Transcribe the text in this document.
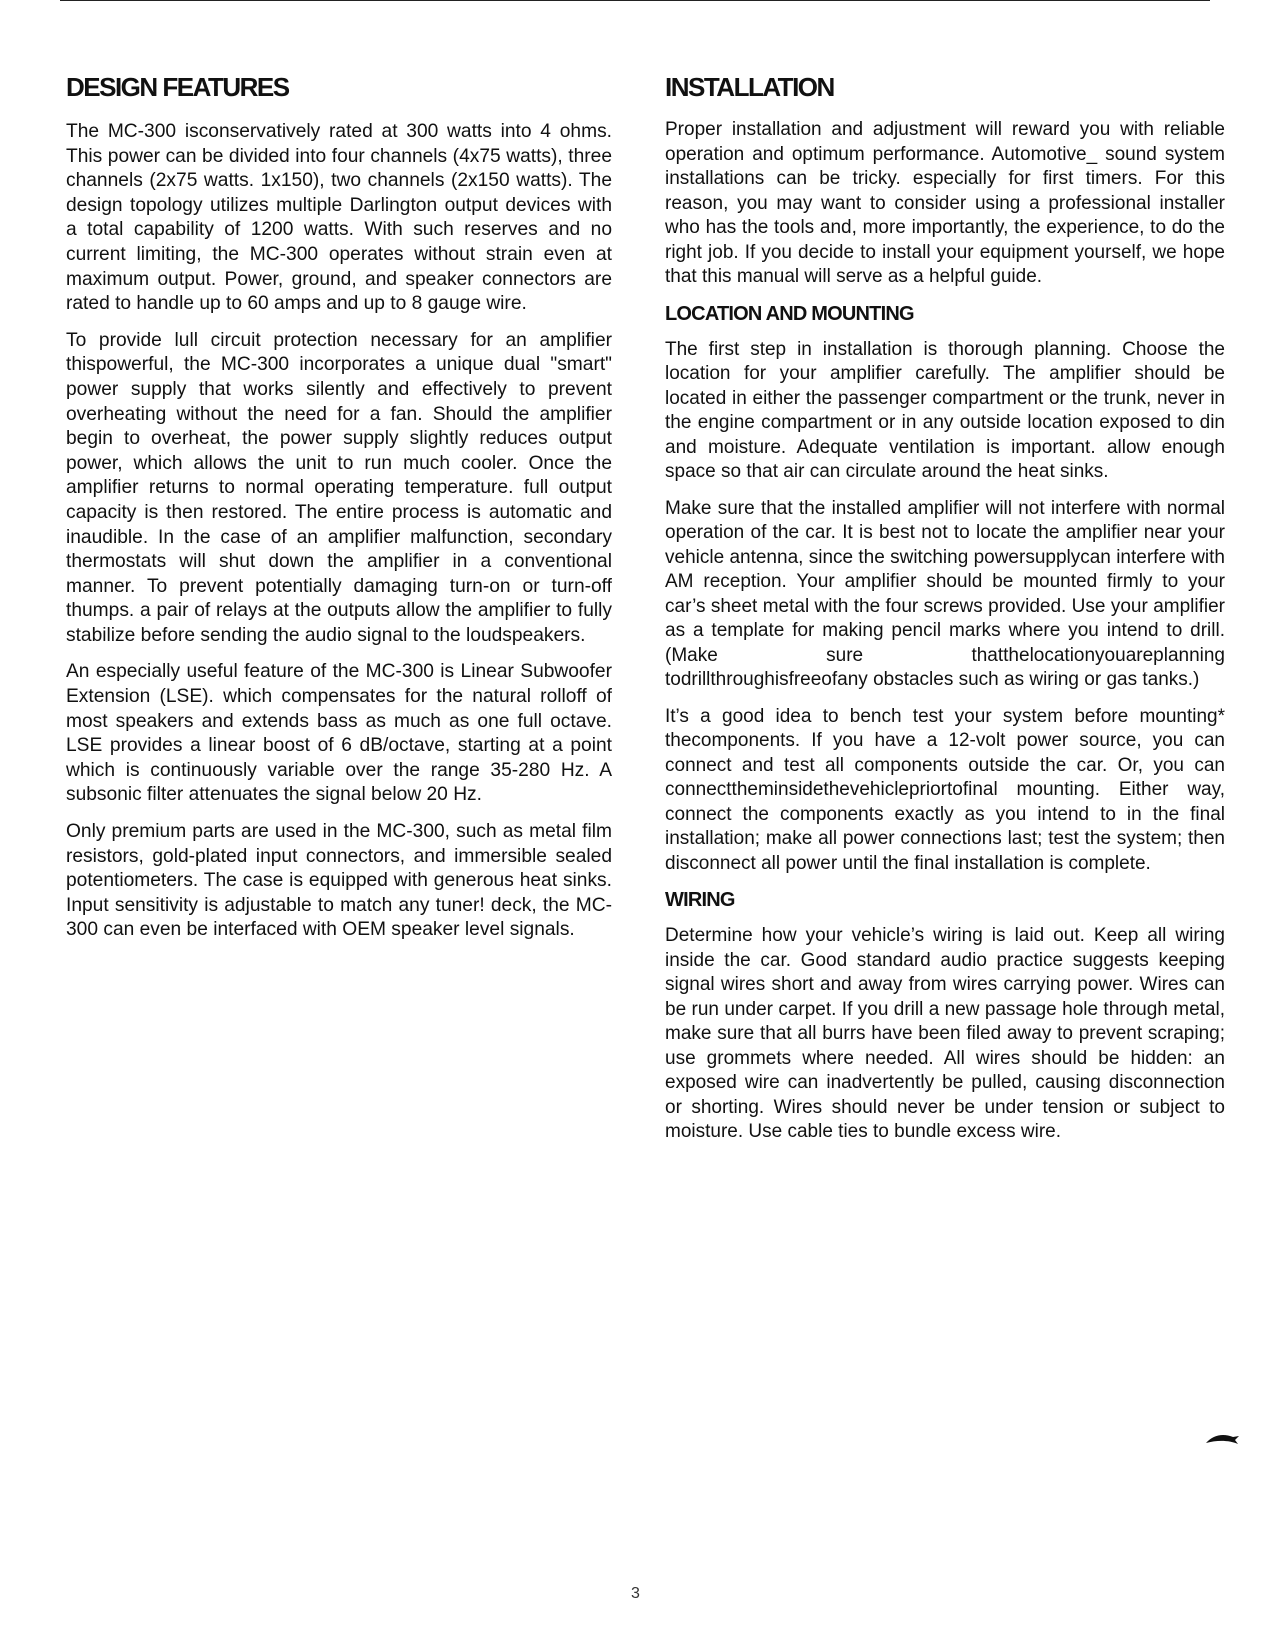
DESIGN FEATURES

The MC-300 isconservatively rated at 300 watts into 4 ohms. This power can be divided into four channels (4x75 watts), three channels (2x75 watts. 1x150), two channels (2x150 watts). The design topology utilizes multiple Darlington output devices with a total capability of 1200 watts. With such reserves and no current limiting, the MC-300 operates without strain even at maximum output. Power, ground, and speaker connectors are rated to handle up to 60 amps and up to 8 gauge wire.

To provide lull circuit protection necessary for an amplifier thispowerful, the MC-300 incorporates a unique dual "smart" power supply that works silently and effectively to prevent overheating without the need for a fan. Should the amplifier begin to overheat, the power supply slightly reduces output power, which allows the unit to run much cooler. Once the amplifier returns to normal operating temperature. full output capacity is then restored. The entire process is automatic and inaudible. In the case of an amplifier malfunction, secondary thermostats will shut down the amplifier in a conventional manner. To prevent potentially damaging turn-on or turn-off thumps. a pair of relays at the outputs allow the amplifier to fully stabilize before sending the audio signal to the loudspeakers.

An especially useful feature of the MC-300 is Linear Subwoofer Extension (LSE). which compensates for the natural rolloff of most speakers and extends bass as much as one full octave. LSE provides a linear boost of 6 dB/octave, starting at a point which is continuously variable over the range 35-280 Hz. A subsonic filter attenuates the signal below 20 Hz.

Only premium parts are used in the MC-300, such as metal film resistors, gold-plated input connectors, and immersible sealed potentiometers. The case is equipped with generous heat sinks. Input sensitivity is adjustable to match any tuner! deck, the MC-300 can even be interfaced with OEM speaker level signals.

INSTALLATION

Proper installation and adjustment will reward you with reliable operation and optimum performance. Automotive_ sound system installations can be tricky. especially for first timers. For this reason, you may want to consider using a professional installer who has the tools and, more importantly, the experience, to do the right job. If you decide to install your equipment yourself, we hope that this manual will serve as a helpful guide.

LOCATION AND MOUNTING

The first step in installation is thorough planning. Choose the location for your amplifier carefully. The amplifier should be located in either the passenger compartment or the trunk, never in the engine compartment or in any outside location exposed to din and moisture. Adequate ventilation is important. allow enough space so that air can circulate around the heat sinks.

Make sure that the installed amplifier will not interfere with normal operation of the car. It is best not to locate the amplifier near your vehicle antenna, since the switching powersupplycan interfere with AM reception. Your amplifier should be mounted firmly to your car’s sheet metal with the four screws provided. Use your amplifier as a template for making pencil marks where you intend to drill. (Make sure thatthelocationyouareplanning todrillthroughisfreeofany obstacles such as wiring or gas tanks.)

It’s a good idea to bench test your system before mounting* thecomponents. If you have a 12-volt power source, you can connect and test all components outside the car. Or, you can connecttheminsidethevehiclepriortofinal mounting. Either way, connect the components exactly as you intend to in the final installation; make all power connections last; test the system; then disconnect all power until the final installation is complete.

WIRING

Determine how your vehicle’s wiring is laid out. Keep all wiring inside the car. Good standard audio practice suggests keeping signal wires short and away from wires carrying power. Wires can be run under carpet. If you drill a new passage hole through metal, make sure that all burrs have been filed away to prevent scraping; use grommets where needed. All wires should be hidden: an exposed wire can inadvertently be pulled, causing disconnection or shorting. Wires should never be under tension or subject to moisture. Use cable ties to bundle excess wire.

3
